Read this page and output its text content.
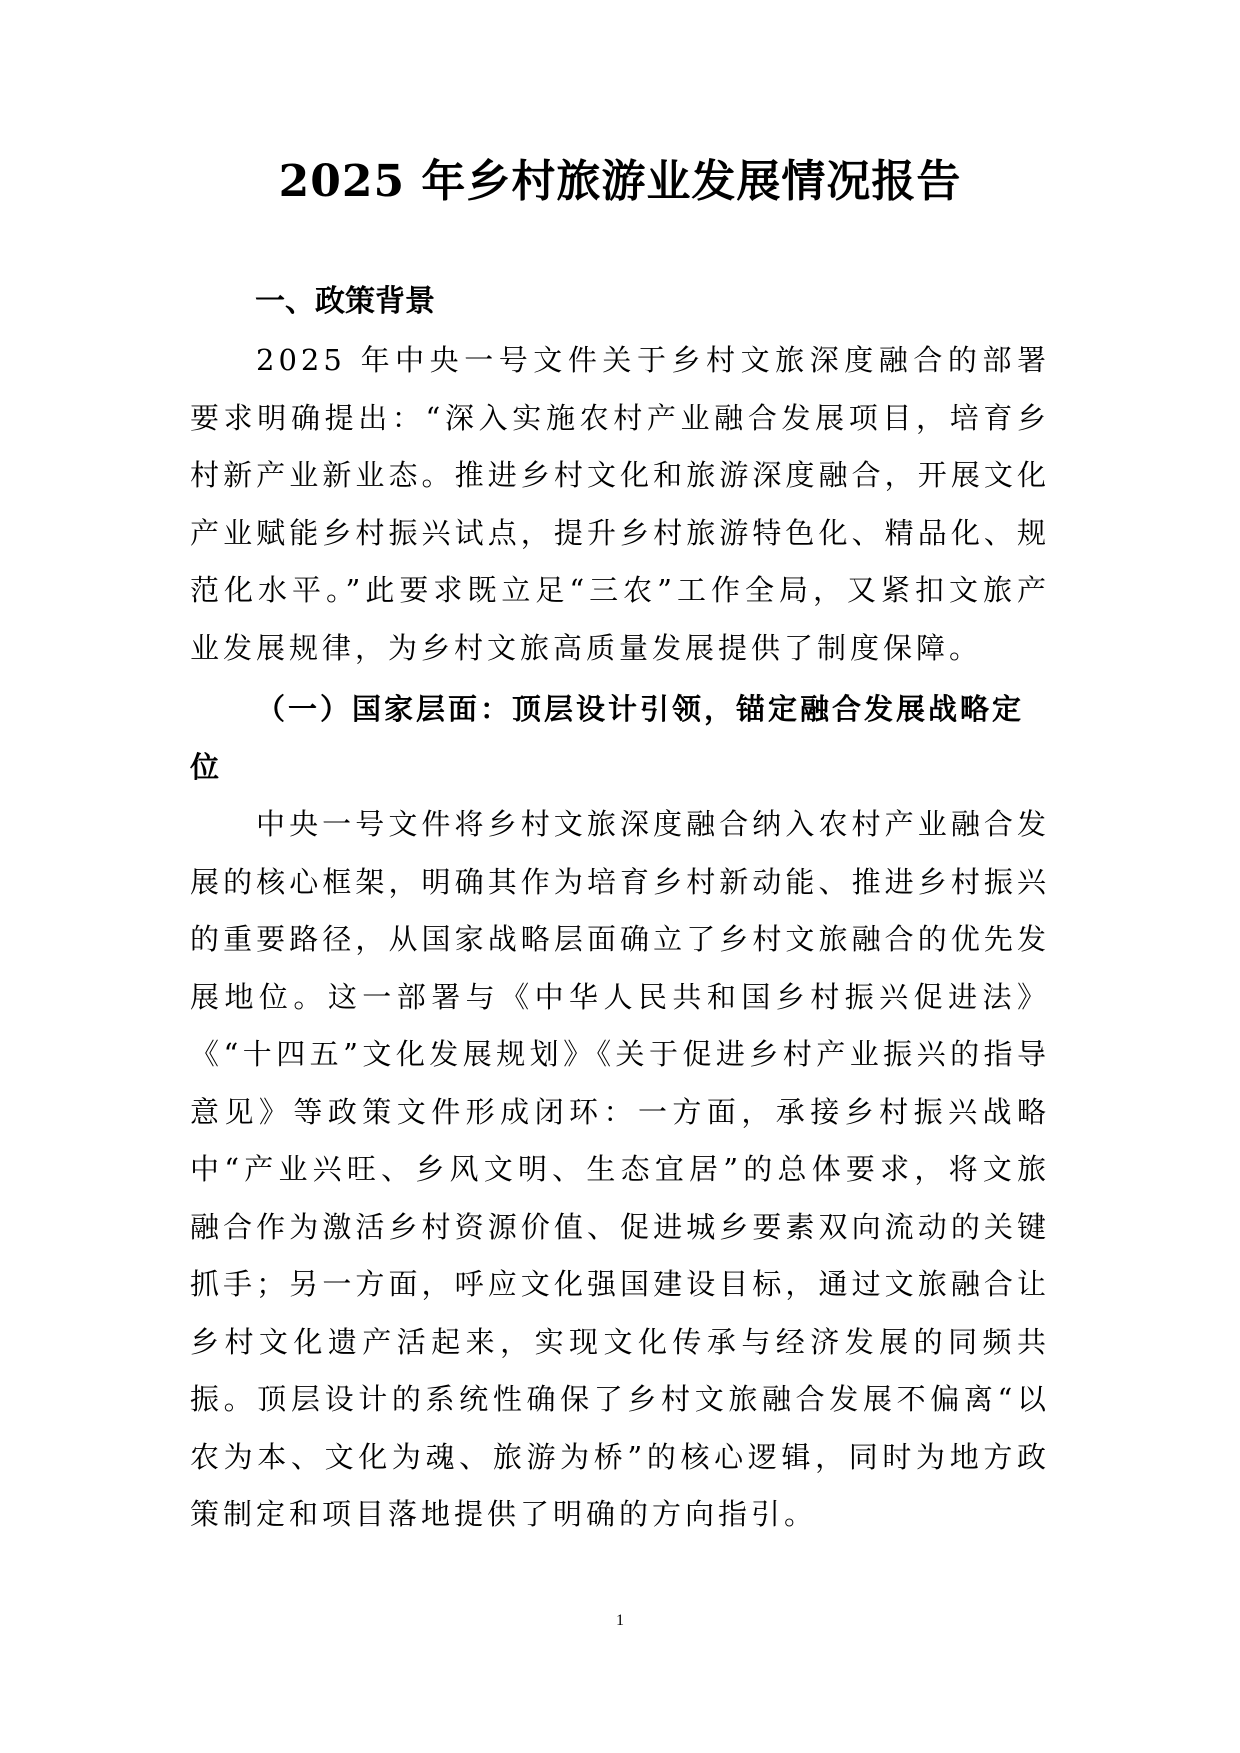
2025 年乡村旅游业发展情况报告
一、政策背景
2025 年中央一号文件关于乡村文旅深度融合的部署要求明确提出：“深入实施农村产业融合发展项目，培育乡村新产业新业态。推进乡村文化和旅游深度融合，开展文化产业赋能乡村振兴试点，提升乡村旅游特色化、精品化、规范化水平。”此要求既立足“三农”工作全局，又紧扣文旅产业发展规律，为乡村文旅高质量发展提供了制度保障。
（一）国家层面：顶层设计引领，锚定融合发展战略定位
中央一号文件将乡村文旅深度融合纳入农村产业融合发展的核心框架，明确其作为培育乡村新动能、推进乡村振兴的重要路径，从国家战略层面确立了乡村文旅融合的优先发展地位。这一部署与《中华人民共和国乡村振兴促进法》《“十四五”文化发展规划》《关于促进乡村产业振兴的指导意见》等政策文件形成闭环：一方面，承接乡村振兴战略中“产业兴旺、乡风文明、生态宜居”的总体要求，将文旅融合作为激活乡村资源价值、促进城乡要素双向流动的关键抓手；另一方面，呼应文化强国建设目标，通过文旅融合让乡村文化遗产活起来，实现文化传承与经济发展的同频共振。顶层设计的系统性确保了乡村文旅融合发展不偏离“以农为本、文化为魂、旅游为桥”的核心逻辑，同时为地方政策制定和项目落地提供了明确的方向指引。
1
